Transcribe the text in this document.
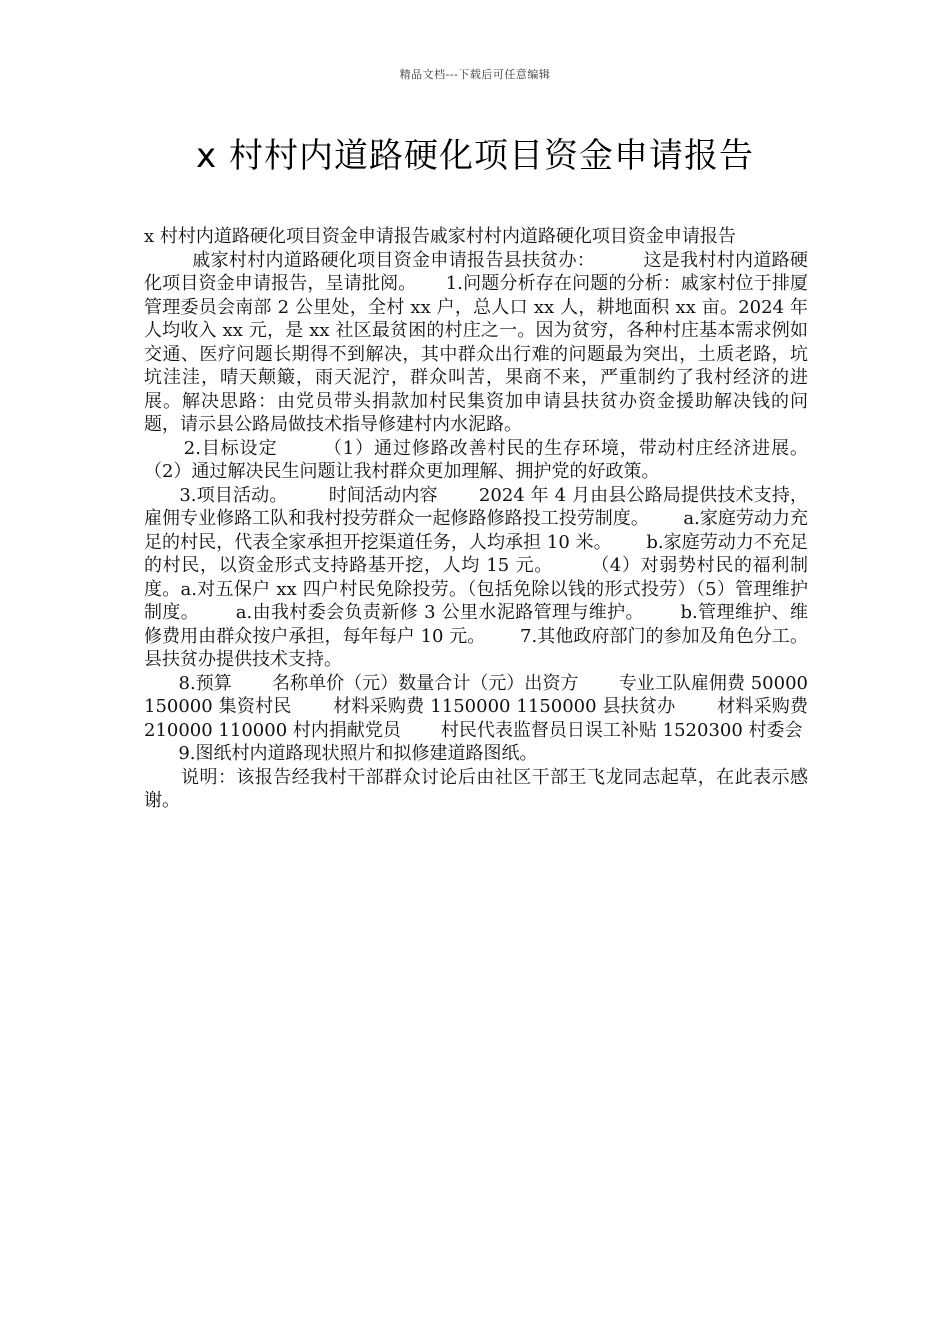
精品文档---下载后可任意编辑
x 村村内道路硬化项目资金申请报告

x 村村内道路硬化项目资金申请报告戚家村村内道路硬化项目资金申请报告

戚家村村内道路硬化项目资金申请报告县扶贫办：        这是我村村内道路硬化项目资金申请报告，呈请批阅。     1.问题分析存在问题的分析：戚家村位于排厦管理委员会南部 2 公里处，全村 xx 户，总人口 xx 人，耕地面积 xx 亩。2024 年人均收入 xx 元，是 xx 社区最贫困的村庄之一。因为贫穷，各种村庄基本需求例如交通、医疗问题长期得不到解决，其中群众出行难的问题最为突出，土质老路，坑坑洼洼，晴天颠簸，雨天泥泞，群众叫苦，果商不来，严重制约了我村经济的进展。解决思路：由党员带头捐款加村民集资加申请县扶贫办资金援助解决钱的问题，请示县公路局做技术指导修建村内水泥路。

2.目标设定       （1）通过修路改善村民的生存环境，带动村庄经济进展。       （2）通过解决民生问题让我村群众更加理解、拥护党的好政策。

3.项目活动。       时间活动内容       2024 年 4 月由县公路局提供技术支持，雇佣专业修路工队和我村投劳群众一起修路修路投工投劳制度。      a.家庭劳动力充足的村民，代表全家承担开挖渠道任务，人均承担 10 米。      b.家庭劳动力不充足的村民，以资金形式支持路基开挖，人均 15 元。      （4）对弱势村民的福利制度。a.对五保户 xx 四户村民免除投劳。（包括免除以钱的形式投劳）（5）管理维护制度。      a.由我村委会负责新修 3 公里水泥路管理与维护。      b.管理维护、维修费用由群众按户承担，每年每户 10 元。      7.其他政府部门的参加及角色分工。      县扶贫办提供技术支持。

8.预算       名称单价（元）数量合计（元）出资方       专业工队雇佣费 50000150000 集资村民       材料采购费 1150000 1150000 县扶贫办       材料采购费 210000 110000 村内捐献党员       村民代表监督员日误工补贴 1520300 村委会

9.图纸村内道路现状照片和拟修建道路图纸。

说明：该报告经我村干部群众讨论后由社区干部王飞龙同志起草，在此表示感谢。
